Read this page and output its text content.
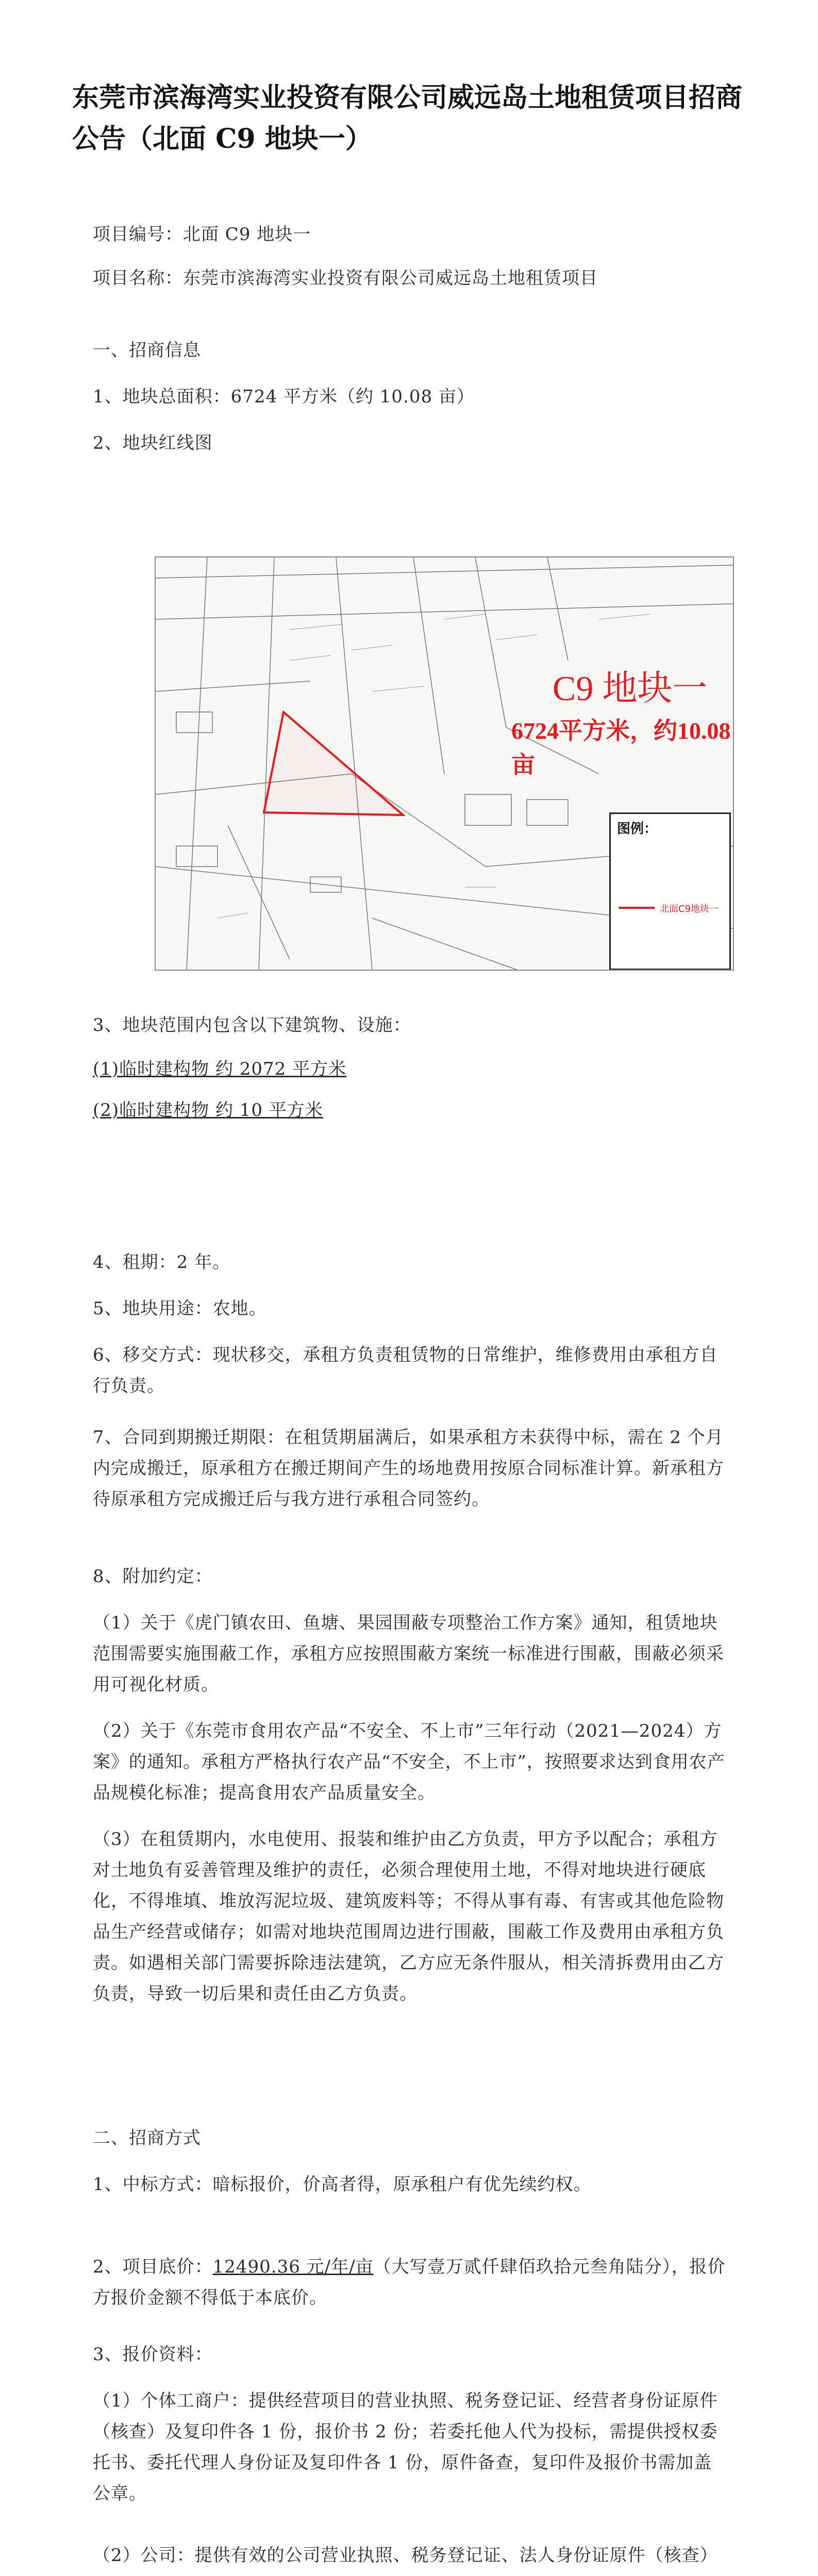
东莞市滨海湾实业投资有限公司威远岛土地租赁项目招商公告（北面 C9 地块一）

项目编号：北面 C9 地块一

项目名称：东莞市滨海湾实业投资有限公司威远岛土地租赁项目

一、招商信息

1、地块总面积：6724 平方米（约 10.08 亩）

2、地块红线图

C9 地块一

6724平方米，约10.08亩

图例：

北面C9地块一

3、地块范围内包含以下建筑物、设施：

(1)临时建构物 约 2072 平方米

(2)临时建构物 约 10 平方米

4、租期：2 年。

5、地块用途：农地。

6、移交方式：现状移交，承租方负责租赁物的日常维护，维修费用由承租方自行负责。

7、合同到期搬迁期限：在租赁期届满后，如果承租方未获得中标，需在 2 个月内完成搬迁，原承租方在搬迁期间产生的场地费用按原合同标准计算。新承租方待原承租方完成搬迁后与我方进行承租合同签约。

8、附加约定：

（1）关于《虎门镇农田、鱼塘、果园围蔽专项整治工作方案》通知，租赁地块范围需要实施围蔽工作，承租方应按照围蔽方案统一标准进行围蔽，围蔽必须采用可视化材质。

（2）关于《东莞市食用农产品“不安全、不上市”三年行动（2021—2024）方案》的通知。承租方严格执行农产品“不安全，不上市”，按照要求达到食用农产品规模化标准；提高食用农产品质量安全。

（3）在租赁期内，水电使用、报装和维护由乙方负责，甲方予以配合；承租方对土地负有妥善管理及维护的责任，必须合理使用土地，不得对地块进行硬底化，不得堆填、堆放泻泥垃圾、建筑废料等；不得从事有毒、有害或其他危险物品生产经营或储存；如需对地块范围周边进行围蔽，围蔽工作及费用由承租方负责。如遇相关部门需要拆除违法建筑，乙方应无条件服从，相关清拆费用由乙方负责，导致一切后果和责任由乙方负责。

二、招商方式

1、中标方式：暗标报价，价高者得，原承租户有优先续约权。

2、项目底价：12490.36 元/年/亩（大写壹万贰仟肆佰玖拾元叁角陆分），报价方报价金额不得低于本底价。

3、报价资料：

（1）个体工商户：提供经营项目的营业执照、税务登记证、经营者身份证原件（核查）及复印件各 1 份，报价书 2 份；若委托他人代为投标，需提供授权委托书、委托代理人身份证及复印件各 1 份，原件备查，复印件及报价书需加盖公章。

（2）公司：提供有效的公司营业执照、税务登记证、法人身份证原件（核查）
